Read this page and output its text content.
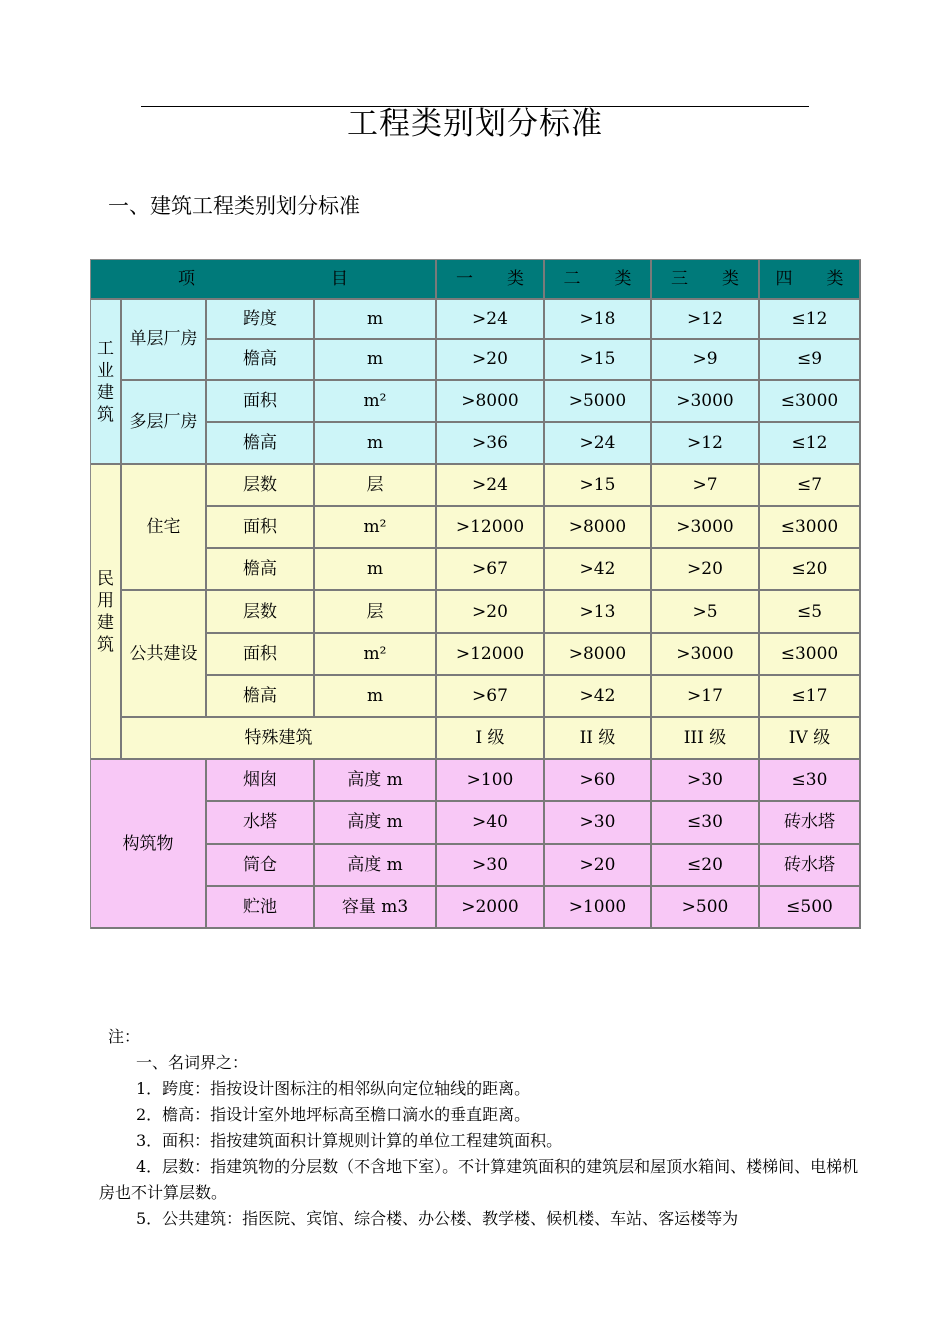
工程类别划分标准
一、建筑工程类别划分标准
项　　　　　　　　目				一　　类	二　　类	三　　类	四　　类
工
业
建
筑	单层厂房	跨度	m	>24	>18	>12	≤12
		檐高	m	>20	>15	>9	≤9
	多层厂房	面积	m²	>8000	>5000	>3000	≤3000
		檐高	m	>36	>24	>12	≤12
民
用
建
筑	住宅	层数	层	>24	>15	>7	≤7
		面积	m²	>12000	>8000	>3000	≤3000
		檐高	m	>67	>42	>20	≤20
	公共建设	层数	层	>20	>13	>5	≤5
		面积	m²	>12000	>8000	>3000	≤3000
		檐高	m	>67	>42	>17	≤17
	特殊建筑			I 级	II 级	III 级	IV 级
构筑物		烟囱	高度 m	>100	>60	>30	≤30
		水塔	高度 m	>40	>30	≤30	砖水塔
		筒仓	高度 m	>30	>20	≤20	砖水塔
		贮池	容量 m3	>2000	>1000	>500	≤500

注：

一、名词界之：

1．跨度：指按设计图标注的相邻纵向定位轴线的距离。

2．檐高：指设计室外地坪标高至檐口滴水的垂直距离。

3．面积：指按建筑面积计算规则计算的单位工程建筑面积。

4．层数：指建筑物的分层数（不含地下室）。不计算建筑面积的建筑层和屋顶水箱间、楼梯间、电梯机房也不计算层数。

5．公共建筑：指医院、宾馆、综合楼、办公楼、教学楼、候机楼、车站、客运楼等为
